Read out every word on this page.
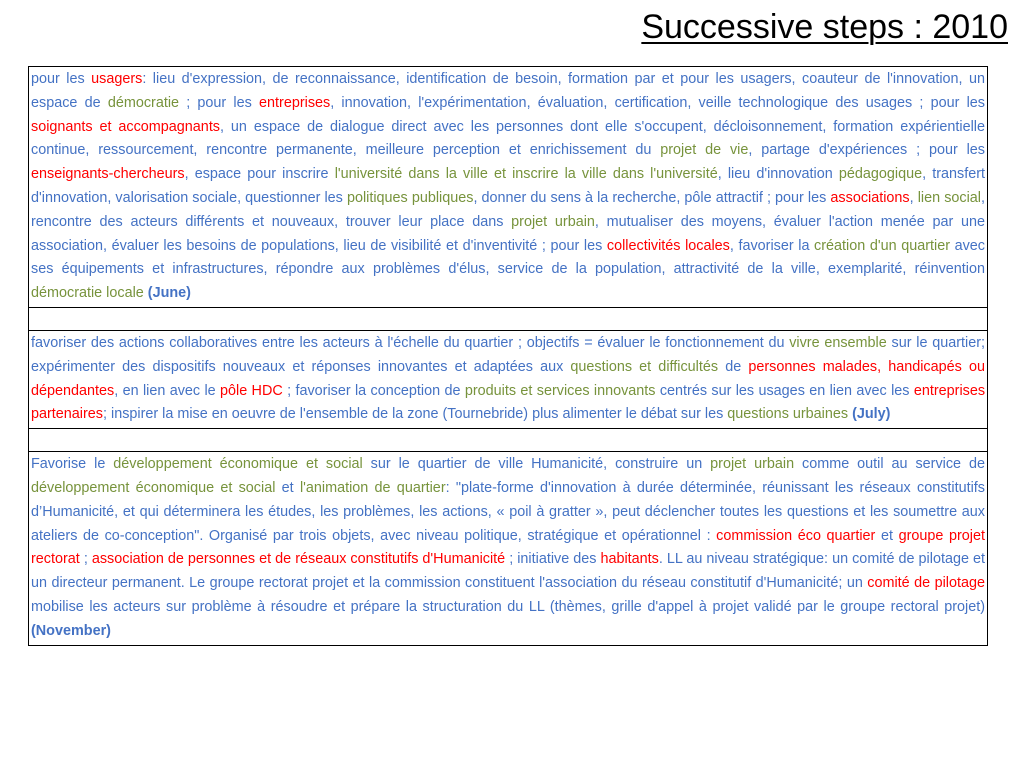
Successive steps : 2010
pour les usagers: lieu d'expression, de reconnaissance, identification de besoin, formation par et pour les usagers, coauteur de l'innovation, un espace de démocratie ; pour les entreprises, innovation, l'expérimentation, évaluation, certification, veille technologique des usages ; pour les soignants et accompagnants, un espace de dialogue direct avec les personnes dont elle s'occupent, décloisonnement, formation expérientielle continue, ressourcement, rencontre permanente, meilleure perception et enrichissement du projet de vie, partage d'expériences ; pour les enseignants-chercheurs, espace pour inscrire l'université dans la ville et inscrire la ville dans l'université, lieu d'innovation pédagogique, transfert d'innovation, valorisation sociale, questionner les politiques publiques, donner du sens à la recherche, pôle attractif ; pour les associations, lien social, rencontre des acteurs différents et nouveaux, trouver leur place dans projet urbain, mutualiser des moyens, évaluer l'action menée par une association, évaluer les besoins de populations, lieu de visibilité et d'inventivité ; pour les collectivités locales, favoriser la création d'un quartier avec ses équipements et infrastructures, répondre aux problèmes d'élus, service de la population, attractivité de la ville, exemplarité, réinvention démocratie locale (June)

favoriser des actions collaboratives entre les acteurs à l'échelle du quartier ; objectifs = évaluer le fonctionnement du vivre ensemble sur le quartier; expérimenter des dispositifs nouveaux et réponses innovantes et adaptées aux questions et difficultés de personnes malades, handicapés ou dépendantes, en lien avec le pôle HDC ; favoriser la conception de produits et services innovants centrés sur les usages en lien avec les entreprises partenaires; inspirer la mise en oeuvre de l'ensemble de la zone (Tournebride) plus alimenter le débat sur les questions urbaines (July)

Favorise le développement économique et social sur le quartier de ville Humanicité, construire un projet urbain comme outil au service de développement économique et social et l'animation de quartier: "plate-forme d'innovation à durée déterminée, réunissant les réseaux constitutifs d’Humanicité, et qui déterminera les études, les problèmes, les actions, « poil à gratter », peut déclencher toutes les questions et les soumettre aux ateliers de co-conception". Organisé par trois objets, avec niveau politique, stratégique et opérationnel : commission éco quartier et groupe projet rectorat ; association de personnes et de réseaux constitutifs d'Humanicité ; initiative des habitants. LL au niveau stratégique: un comité de pilotage et un directeur permanent. Le groupe rectorat projet et la commission constituent l'association du réseau constitutif d'Humanicité; un comité de pilotage mobilise les acteurs sur problème à résoudre et prépare la structuration du LL (thèmes, grille d'appel à projet validé par le groupe rectoral projet) (November)
